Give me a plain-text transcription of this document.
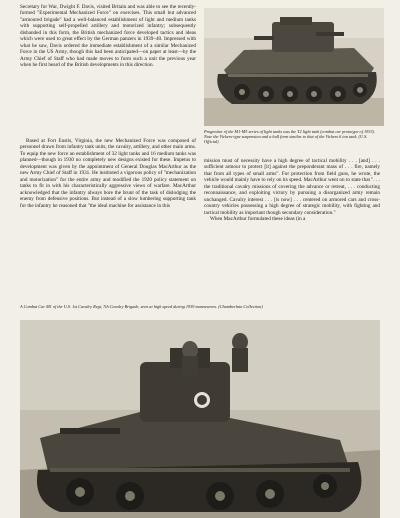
Secretary for War, Dwight F. Davis, visited Britain and was able to see the recently-formed "Experimental Mechanized Force" on exercises. This small but advanced "armoured brigade" had a well-balanced establishment of light and medium tanks with supporting self-propelled artillery and motorized infantry; subsequently disbanded in this form, the British mechanized force developed tactics and ideas which were used to great effect by the German panzers in 1939–40. Impressed with what he saw, Davis ordered the immediate establishment of a similar Mechanized Force in the US Army, though this had been anticipated—on paper at least—by the Army Chief of Staff who had made moves to form such a unit the previous year when he first heard of the British developments in this direction.

Based at Fort Eustis, Virginia, the new Mechanized Force was composed of personnel drawn from infantry tank units, the cavalry, artillery, and other main arms. To equip the new force an establishment of 32 light tanks and 16 medium tanks was planned—though in 1930 no completely new designs existed for these. Impetus to development was given by the appointment of General Douglas MacArthur as the new Army Chief of Staff in 1931. He instituted a vigorous policy of "mechanization and motorization" for the entire army and modified the 1920 policy statement on tanks to fit in with his characteristically aggressive views of warfare. MacArthur acknowledged that the infantry always bore the brunt of the task of dislodging the enemy from defensive positions. But instead of a slow lumbering supporting tank for the infantry he reasoned that "the ideal machine for assistance in this

Progenitor of the M1-M5 series of light tanks was the T2 light tank (combat car prototype of 1933). Note the Vickers-type suspension and a hull form similar to that of the Vickers 6 ton tank. (U.S. Official)

mission must of necessity have a high degree of tactical mobility . . . [and] . . . sufficient armour to protect [it] against the preponderant mass of . . . fire, namely that from all types of small arms". For protection from field guns, he wrote, the vehicle would mainly have to rely on its speed. MacArthur went on to state that ". . . the traditional cavalry missions of covering the advance or retreat, . . . conducting reconnaissance, and exploiting victory by pursuing a disorganized army remain unchanged. Cavalry interest . . . [is now] . . . centered on armored cars and cross-country vehicles possessing a high degree of strategic mobility, with fighting and tactical mobility as important though secondary consideration."

When MacArthur formulated these ideas (in a

A Combat Car M1 of the U.S. 1st Cavalry Regt, 7th Cavalry Brigade, seen at high speed during 1939 manoeuvres. (Chamberlain Collection)
